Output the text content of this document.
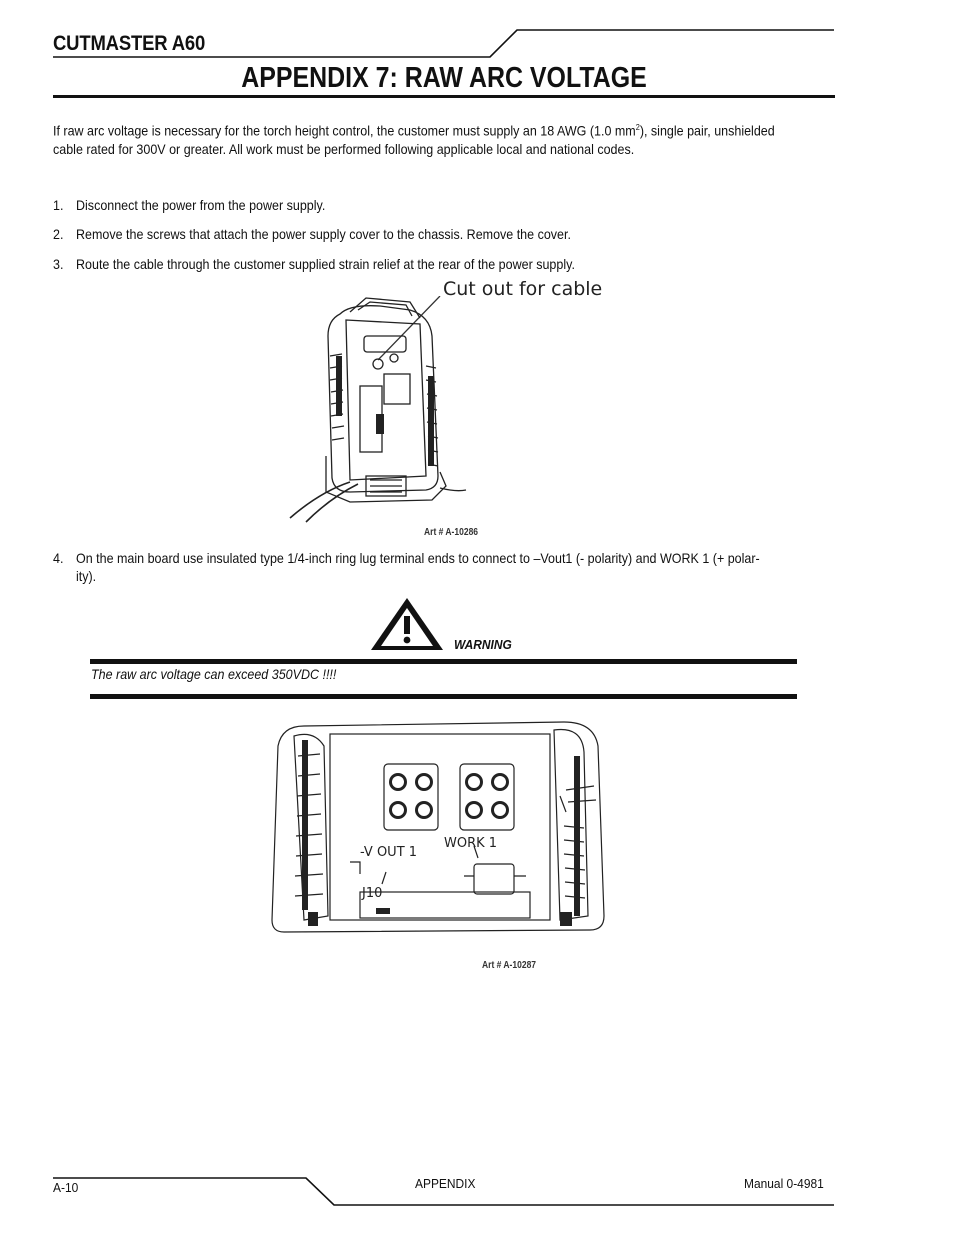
CUTMASTER A60
APPENDIX 7: RAW ARC VOLTAGE
If raw arc voltage is necessary for the torch height control, the customer must supply an 18 AWG (1.0 $mm^2$), single pair, unshielded
cable rated for 300V or greater. All work must be performed following applicable local and national codes.
1. Disconnect the power from the power supply.
2. Remove the screws that attach the power supply cover to the chassis. Remove the cover.
3. Route the cable through the customer supplied strain relief at the rear of the power supply.
Cut out for cable
Art # A-10286
4. On the main board use insulated type 1/4-inch ring lug terminal ends to connect to –Vout1 (- polarity) and WORK 1 (+ polar-
ity).
WARNING
The raw arc voltage can exceed 350VDC !!!!
-V OUT 1
WORK 1
J10
Art # A-10287
A-10	APPENDIX	Manual 0-4981
